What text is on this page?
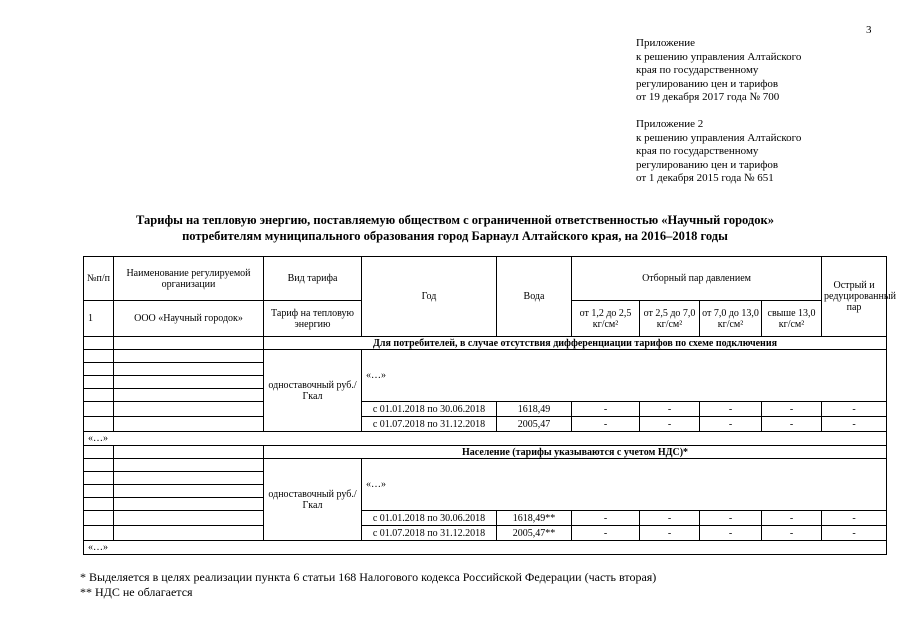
3
Приложение
к решению управления Алтайского
края по государственному
регулированию цен и тарифов
от 19 декабря 2017 года № 700
Приложение 2
к решению управления Алтайского
края по государственному
регулированию цен и тарифов
от 1 декабря 2015 года № 651
Тарифы на тепловую энергию, поставляемую обществом с ограниченной ответственностью «Научный городок»
потребителям муниципального образования город Барнаул Алтайского края, на 2016–2018 годы
№п/п	Наименование регулируемой организации	Вид тарифа	Год	Вода	Отборный пар давлением				Острый и редуцированный пар
1	ООО «Научный городок»	Тариф на тепловую энергию			от 1,2 до 2,5 кг/см²	от 2,5 до 7,0 кг/см²	от 7,0 до 13,0 кг/см²	свыше 13,0 кг/см²	
		Для потребителей, в случае отсутствия дифференциации тарифов по схеме подключения							
		одноставочный руб./Гкал	«…»						

			с 01.01.2018 по 30.06.2018	1618,49	-	-	-	-	-
			с 01.07.2018 по 31.12.2018	2005,47	-	-	-	-	-
«…»									
		Население (тарифы указываются с учетом НДС)*							
		одноставочный руб./Гкал	«…»						

			с 01.01.2018 по 30.06.2018	1618,49**	-	-	-	-	-
			с 01.07.2018 по 31.12.2018	2005,47**	-	-	-	-	-
«…»									
* Выделяется в целях реализации пункта 6 статьи 168 Налогового кодекса Российской Федерации (часть вторая)
** НДС не облагается
